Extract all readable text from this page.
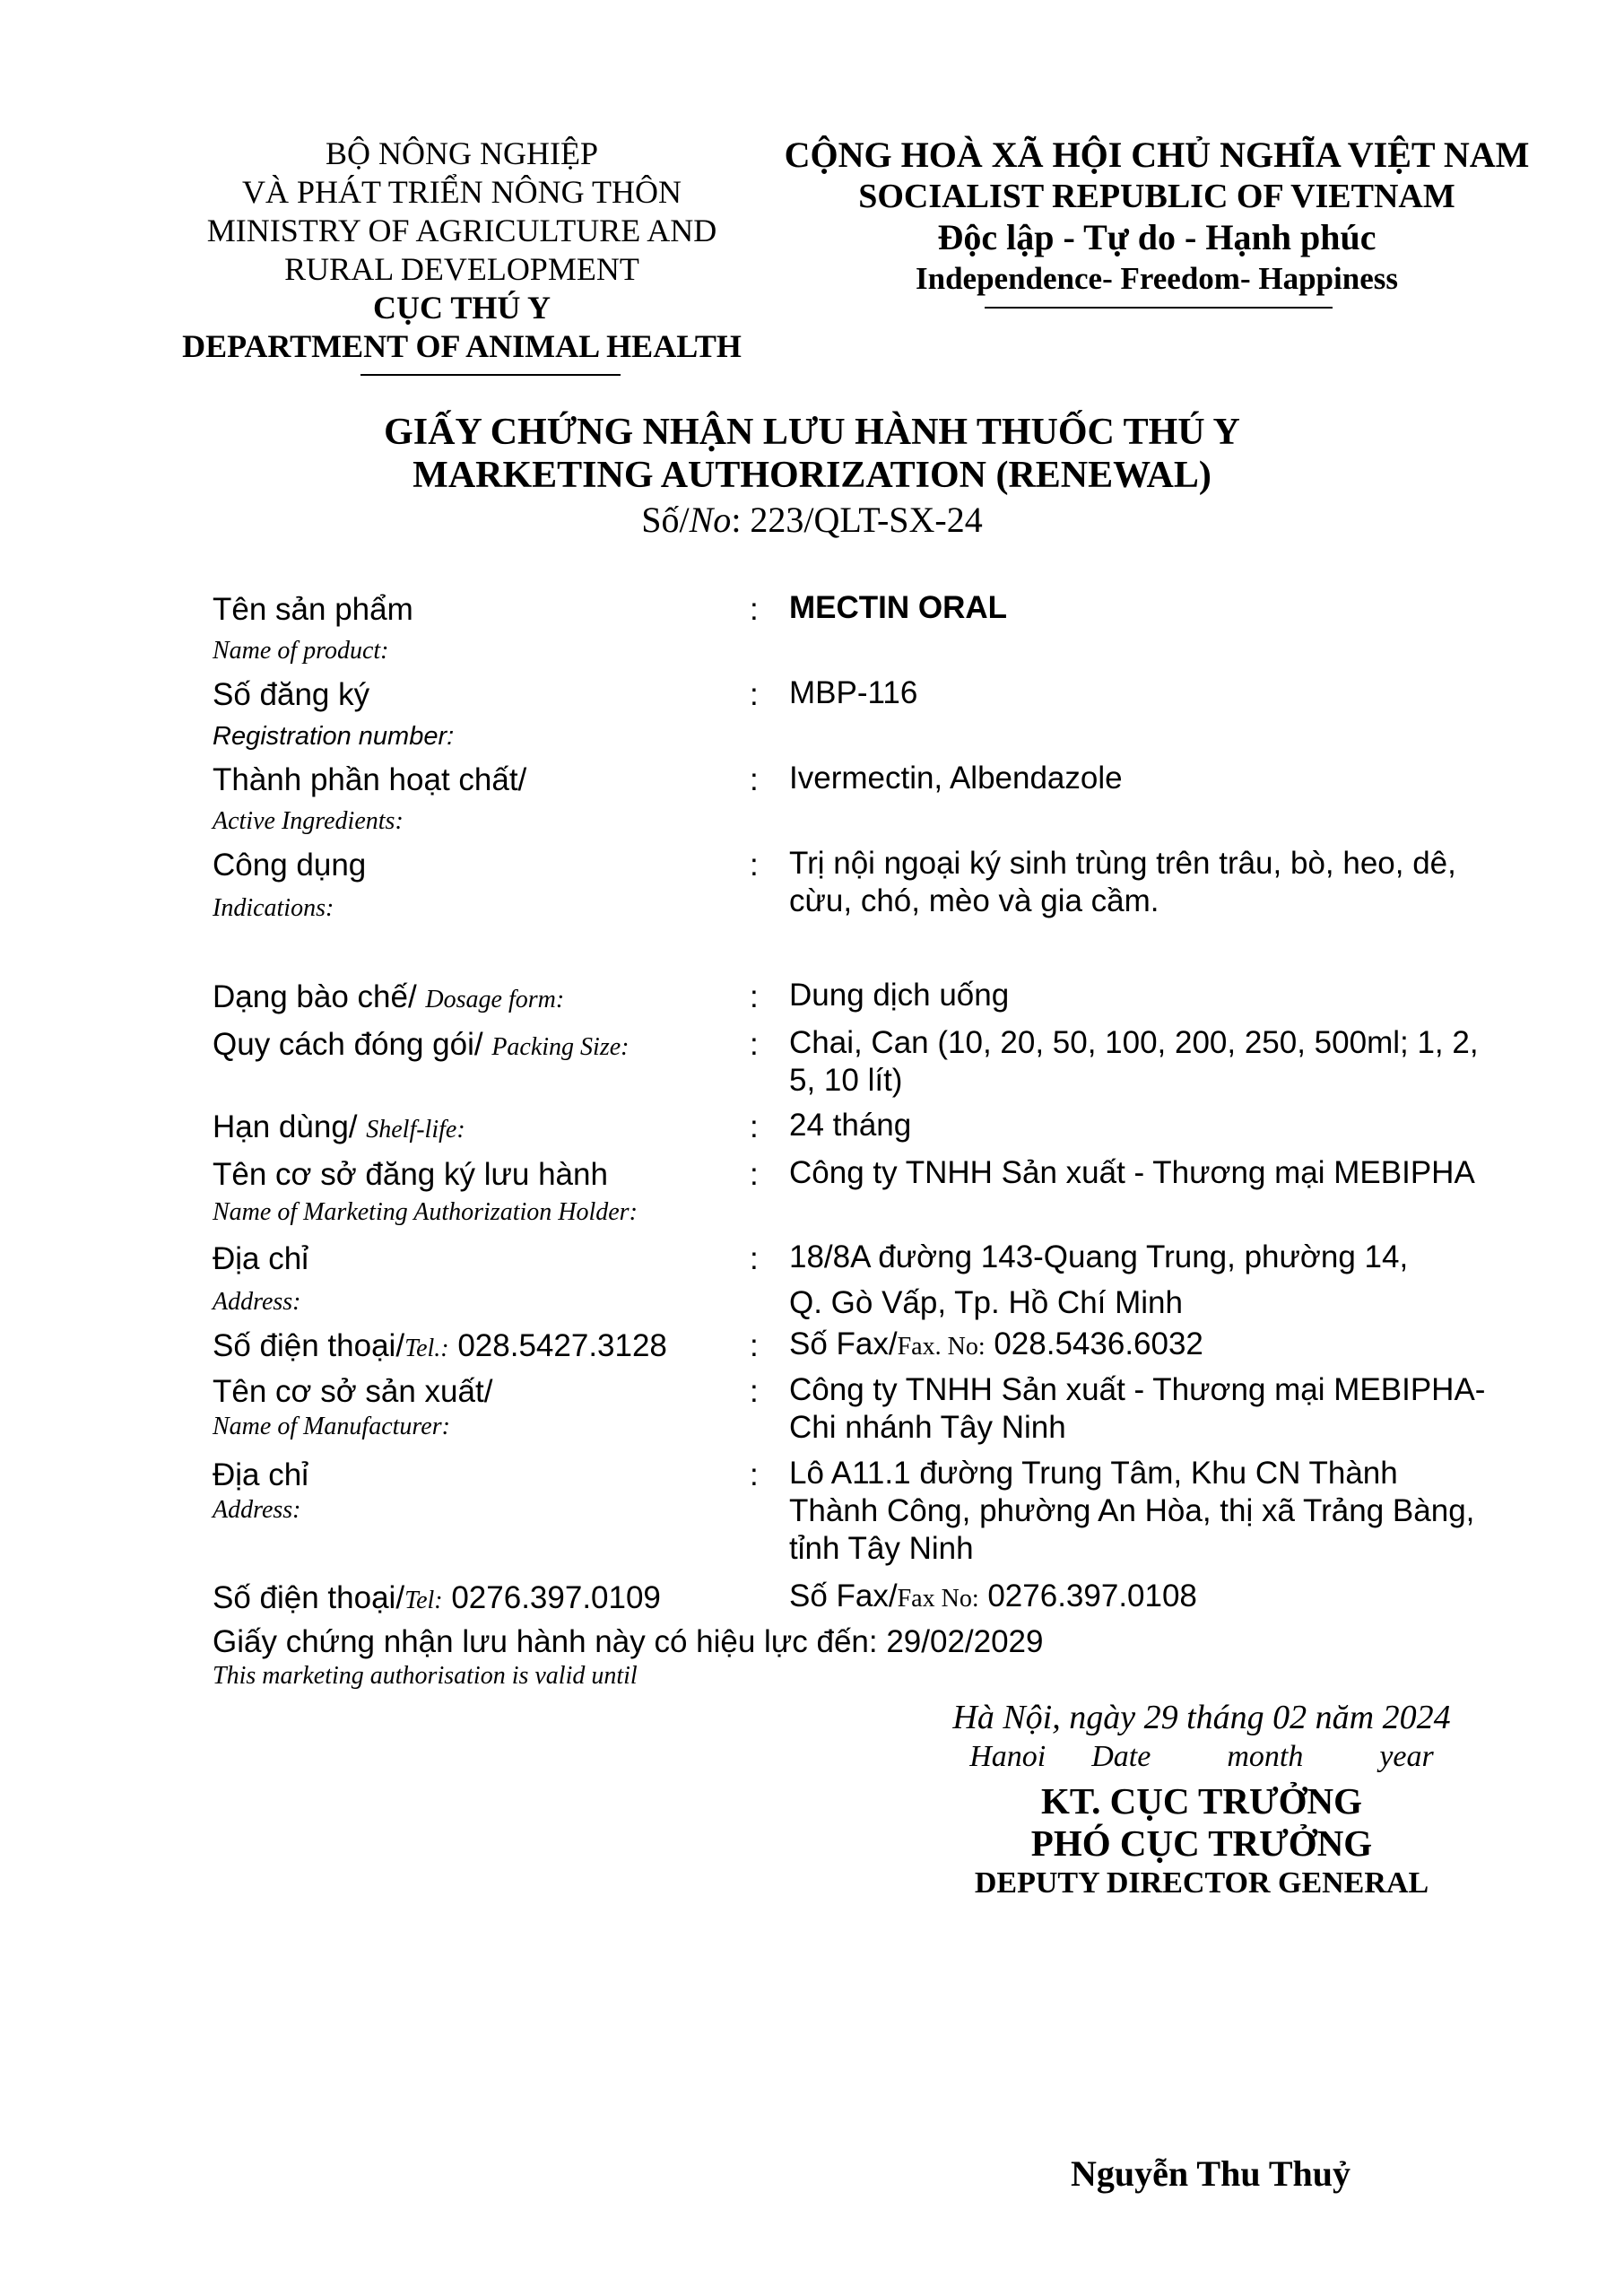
BỘ NÔNG NGHIỆP
VÀ PHÁT TRIỂN NÔNG THÔN
MINISTRY OF AGRICULTURE AND
RURAL DEVELOPMENT
CỤC THÚ Y
DEPARTMENT OF ANIMAL HEALTH
CỘNG HOÀ XÃ HỘI CHỦ NGHĨA VIỆT NAM
SOCIALIST REPUBLIC OF VIETNAM
Độc lập - Tự do - Hạnh phúc
Independence- Freedom- Happiness
GIẤY CHỨNG NHẬN LƯU HÀNH THUỐC THÚ Y
MARKETING AUTHORIZATION (RENEWAL)
Số/No: 223/QLT-SX-24
Tên sản phẩm
Name of product:
: MECTIN ORAL
Số đăng ký
Registration number:
: MBP-116
Thành phần hoạt chất/
Active Ingredients:
: Ivermectin, Albendazole
Công dụng
Indications:
: Trị nội ngoại ký sinh trùng trên trâu, bò, heo, dê,
cừu, chó, mèo và gia cầm.
Dạng bào chế/ Dosage form:	: Dung dịch uống
Quy cách đóng gói/ Packing Size:	: Chai, Can (10, 20, 50, 100, 200, 250, 500ml; 1, 2,
5, 10 lít)
Hạn dùng/ Shelf-life:	: 24 tháng
Tên cơ sở đăng ký lưu hành
Name of Marketing Authorization Holder:
: Công ty TNHH Sản xuất - Thương mại MEBIPHA
Địa chỉ
Address:
: 18/8A đường 143-Quang Trung, phường 14,
Q. Gò Vấp, Tp. Hồ Chí Minh
Số điện thoại/Tel.: 028.5427.3128	: Số Fax/Fax. No: 028.5436.6032
Tên cơ sở sản xuất/
Name of Manufacturer:
: Công ty TNHH Sản xuất - Thương mại MEBIPHA-
Chi nhánh Tây Ninh
Địa chỉ
Address:
: Lô A11.1 đường Trung Tâm, Khu CN Thành
Thành Công, phường An Hòa, thị xã Trảng Bàng,
tỉnh Tây Ninh
Số điện thoại/Tel: 0276.397.0109	Số Fax/Fax No: 0276.397.0108
Giấy chứng nhận lưu hành này có hiệu lực đến: 29/02/2029
This marketing authorisation is valid until
Hà Nội, ngày 29 tháng 02 năm 2024
Hanoi      Date          month          year
KT. CỤC TRƯỞNG
PHÓ CỤC TRƯỞNG
DEPUTY DIRECTOR GENERAL
Nguyễn Thu Thuỷ
